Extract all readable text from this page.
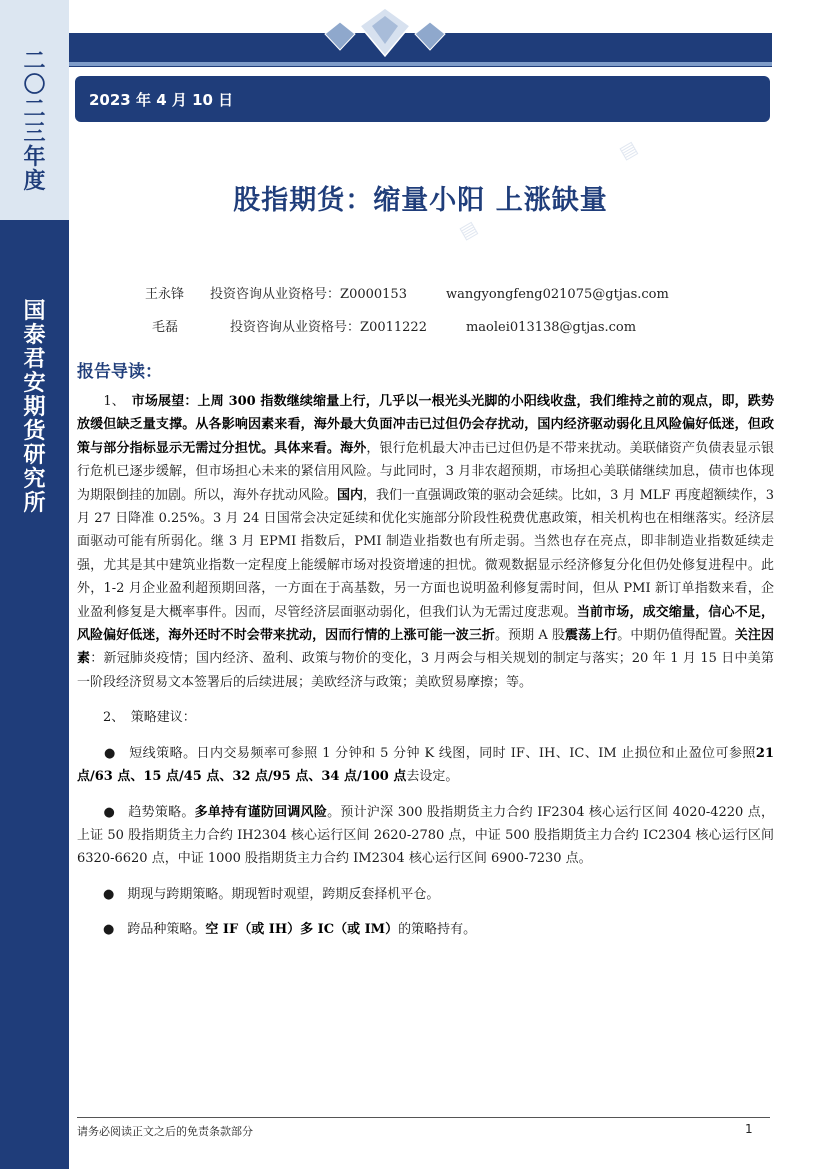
二
〇
二
三
年
度
国
泰
君
安
期
货
研
究
所
2023 年 4 月 10 日
▤
▤
股指期货：缩量小阳 上涨缺量
王永锋　　 投资咨询从业资格号：Z0000153　　　	wangyongfeng021075@gtjas.com
毛磊　　　　	投资咨询从业资格号：Z0011222　　　	maolei013138@gtjas.com
报告导读：

　　1、　 市场展望：上周 300 指数继续缩量上行，几乎以一根光头光脚的小阳线收盘，我们维持之前的观点，即，跌势放缓但缺乏量支撑。从各影响因素来看，海外最大负面冲击已过但仍会存扰动，国内经济驱动弱化且风险偏好低迷，但政策与部分指标显示无需过分担忧。具体来看。海外，银行危机最大冲击已过但仍是不带来扰动。美联储资产负债表显示银行危机已逐步缓解，但市场担心未来的紧信用风险。与此同时，3 月非农超预期，市场担心美联储继续加息，债市也体现为期限倒挂的加剧。所以，海外存扰动风险。国内，我们一直强调政策的驱动会延续。比如，3 月 MLF 再度超额续作，3 月 27 日降准 0.25%。3 月 24 日国常会决定延续和优化实施部分阶段性税费优惠政策，相关机构也在相继落实。经济层面驱动可能有所弱化。继 3 月 EPMI 指数后，PMI 制造业指数也有所走弱。当然也存在亮点，即非制造业指数延续走强，尤其是其中建筑业指数一定程度上能缓解市场对投资增速的担忧。微观数据显示经济修复分化但仍处修复进程中。此外，1-2 月企业盈利超预期回落，一方面在于高基数，另一方面也说明盈利修复需时间，但从 PMI 新订单指数来看，企业盈利修复是大概率事件。因而，尽管经济层面驱动弱化，但我们认为无需过度悲观。当前市场，成交缩量，信心不足，风险偏好低迷，海外还时不时会带来扰动，因而行情的上涨可能一波三折。预期 A 股震荡上行。中期仍值得配置。关注因素：新冠肺炎疫情；国内经济、盈利、政策与物价的变化，3 月两会与相关规划的制定与落实；20 年 1 月 15 日中美第一阶段经济贸易文本签署后的后续进展；美欧经济与政策；美欧贸易摩擦；等。

　　2、　策略建议：

　　●　 短线策略。日内交易频率可参照 1 分钟和 5 分钟 K 线图，同时 IF、IH、IC、IM 止损位和止盈位可参照21 点/63 点、15 点/45 点、32 点/95 点、34 点/100 点去设定。

　　●　 趋势策略。多单持有谨防回调风险。预计沪深 300 股指期货主力合约 IF2304 核心运行区间 4020-4220 点，上证 50 股指期货主力合约 IH2304 核心运行区间 2620-2780 点，中证 500 股指期货主力合约 IC2304 核心运行区间 6320-6620 点，中证 1000 股指期货主力合约 IM2304 核心运行区间 6900-7230 点。

　　●　 期现与跨期策略。期现暂时观望，跨期反套择机平仓。

　　●　 跨品种策略。空 IF（或 IH）多 IC（或 IM）的策略持有。

请务必阅读正文之后的免责条款部分	1
